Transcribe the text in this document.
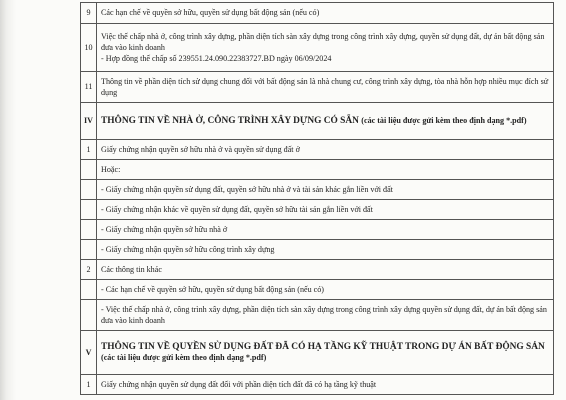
9	Các hạn chế về quyền sở hữu, quyền sử dụng bất động sản (nếu có)

10	Việc thế chấp nhà ở, công trình xây dựng, phần diện tích sàn xây dựng trong công trình xây dựng, quyền sử dụng đất, dự án bất động sản đưa vào kinh doanh
- Hợp đồng thế chấp số 239551.24.090.22383727.BD ngày 06/09/2024

11	Thông tin về phần diện tích sử dụng chung đối với bất động sản là nhà chung cư, công trình xây dựng, tòa nhà hỗn hợp nhiều mục đích sử dụng

IV	THÔNG TIN VỀ NHÀ Ở, CÔNG TRÌNH XÂY DỰNG CÓ SẴN (các tài liệu được gửi kèm theo định dạng *.pdf)
1	Giấy chứng nhận quyền sở hữu nhà ở và quyền sử dụng đất ở

	Hoặc:

	- Giấy chứng nhận quyền sử dụng đất, quyền sở hữu nhà ở và tài sản khác gắn liền với đất

	- Giấy chứng nhận khác về quyền sử dụng đất, quyền sở hữu tài sản gắn liền với đất

	- Giấy chứng nhận quyền sở hữu nhà ở

	- Giấy chứng nhận quyền sở hữu công trình xây dựng

2	Các thông tin khác

	- Các hạn chế về quyền sở hữu, quyền sử dụng bất động sản (nếu có)

	- Việc thế chấp nhà ở, công trình xây dựng, phần diện tích sàn xây dựng trong công trình xây dựng quyền sử dụng đất, dự án bất động sản đưa vào kinh doanh

V	THÔNG TIN VỀ QUYỀN SỬ DỤNG ĐẤT ĐÃ CÓ HẠ TẦNG KỸ THUẬT TRONG DỰ ÁN BẤT ĐỘNG SẢN
(các tài liệu được gửi kèm theo định dạng *.pdf)

1	Giấy chứng nhận quyền sử dụng đất đối với phần diện tích đất đã có hạ tầng kỹ thuật
